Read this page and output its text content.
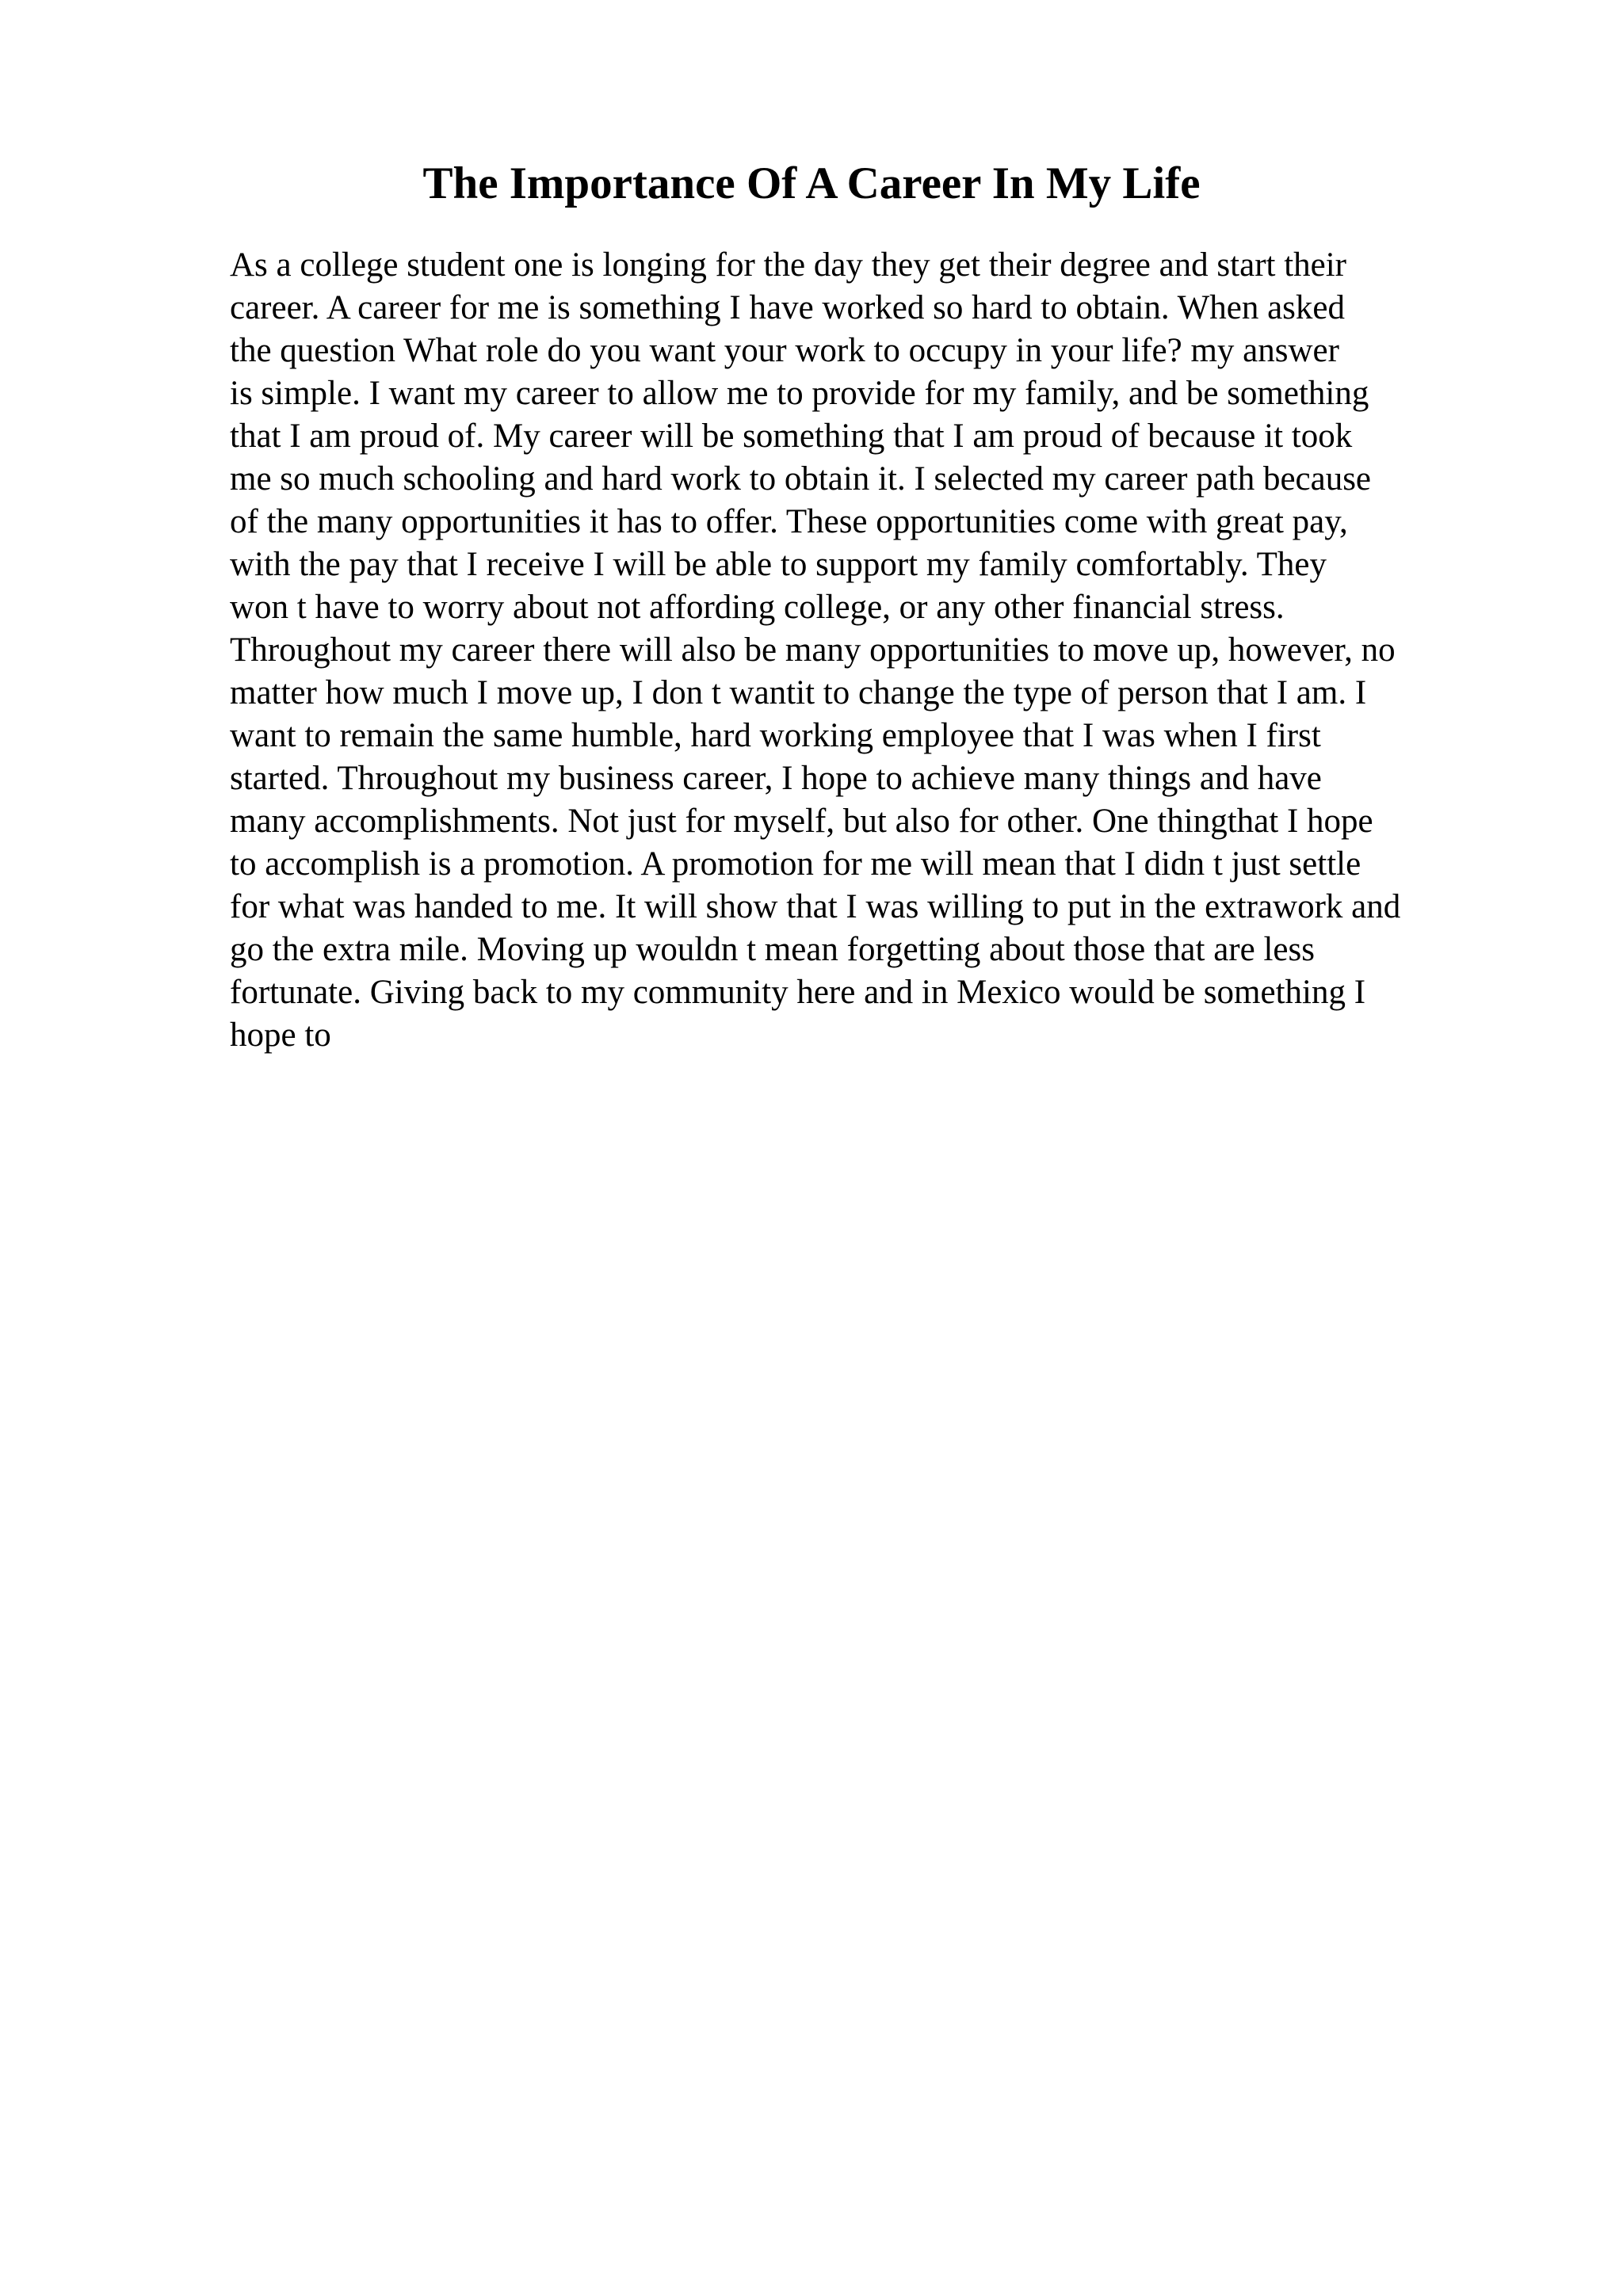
The Importance Of A Career In My Life
As a college student one is longing for the day they get their degree and start their
career. A career for me is something I have worked so hard to obtain. When asked
the question What role do you want your work to occupy in your life? my answer
is simple. I want my career to allow me to provide for my family, and be something
that I am proud of. My career will be something that I am proud of because it took
me so much schooling and hard work to obtain it. I selected my career path because
of the many opportunities it has to offer. These opportunities come with great pay,
with the pay that I receive I will be able to support my family comfortably. They
won t have to worry about not affording college, or any other financial stress.
Throughout my career there will also be many opportunities to move up, however, no
matter how much I move up, I don t wantit to change the type of person that I am. I
want to remain the same humble, hard working employee that I was when I first
started. Throughout my business career, I hope to achieve many things and have
many accomplishments. Not just for myself, but also for other. One thingthat I hope
to accomplish is a promotion. A promotion for me will mean that I didn t just settle
for what was handed to me. It will show that I was willing to put in the extrawork and
go the extra mile. Moving up wouldn t mean forgetting about those that are less
fortunate. Giving back to my community here and in Mexico would be something I
hope to
